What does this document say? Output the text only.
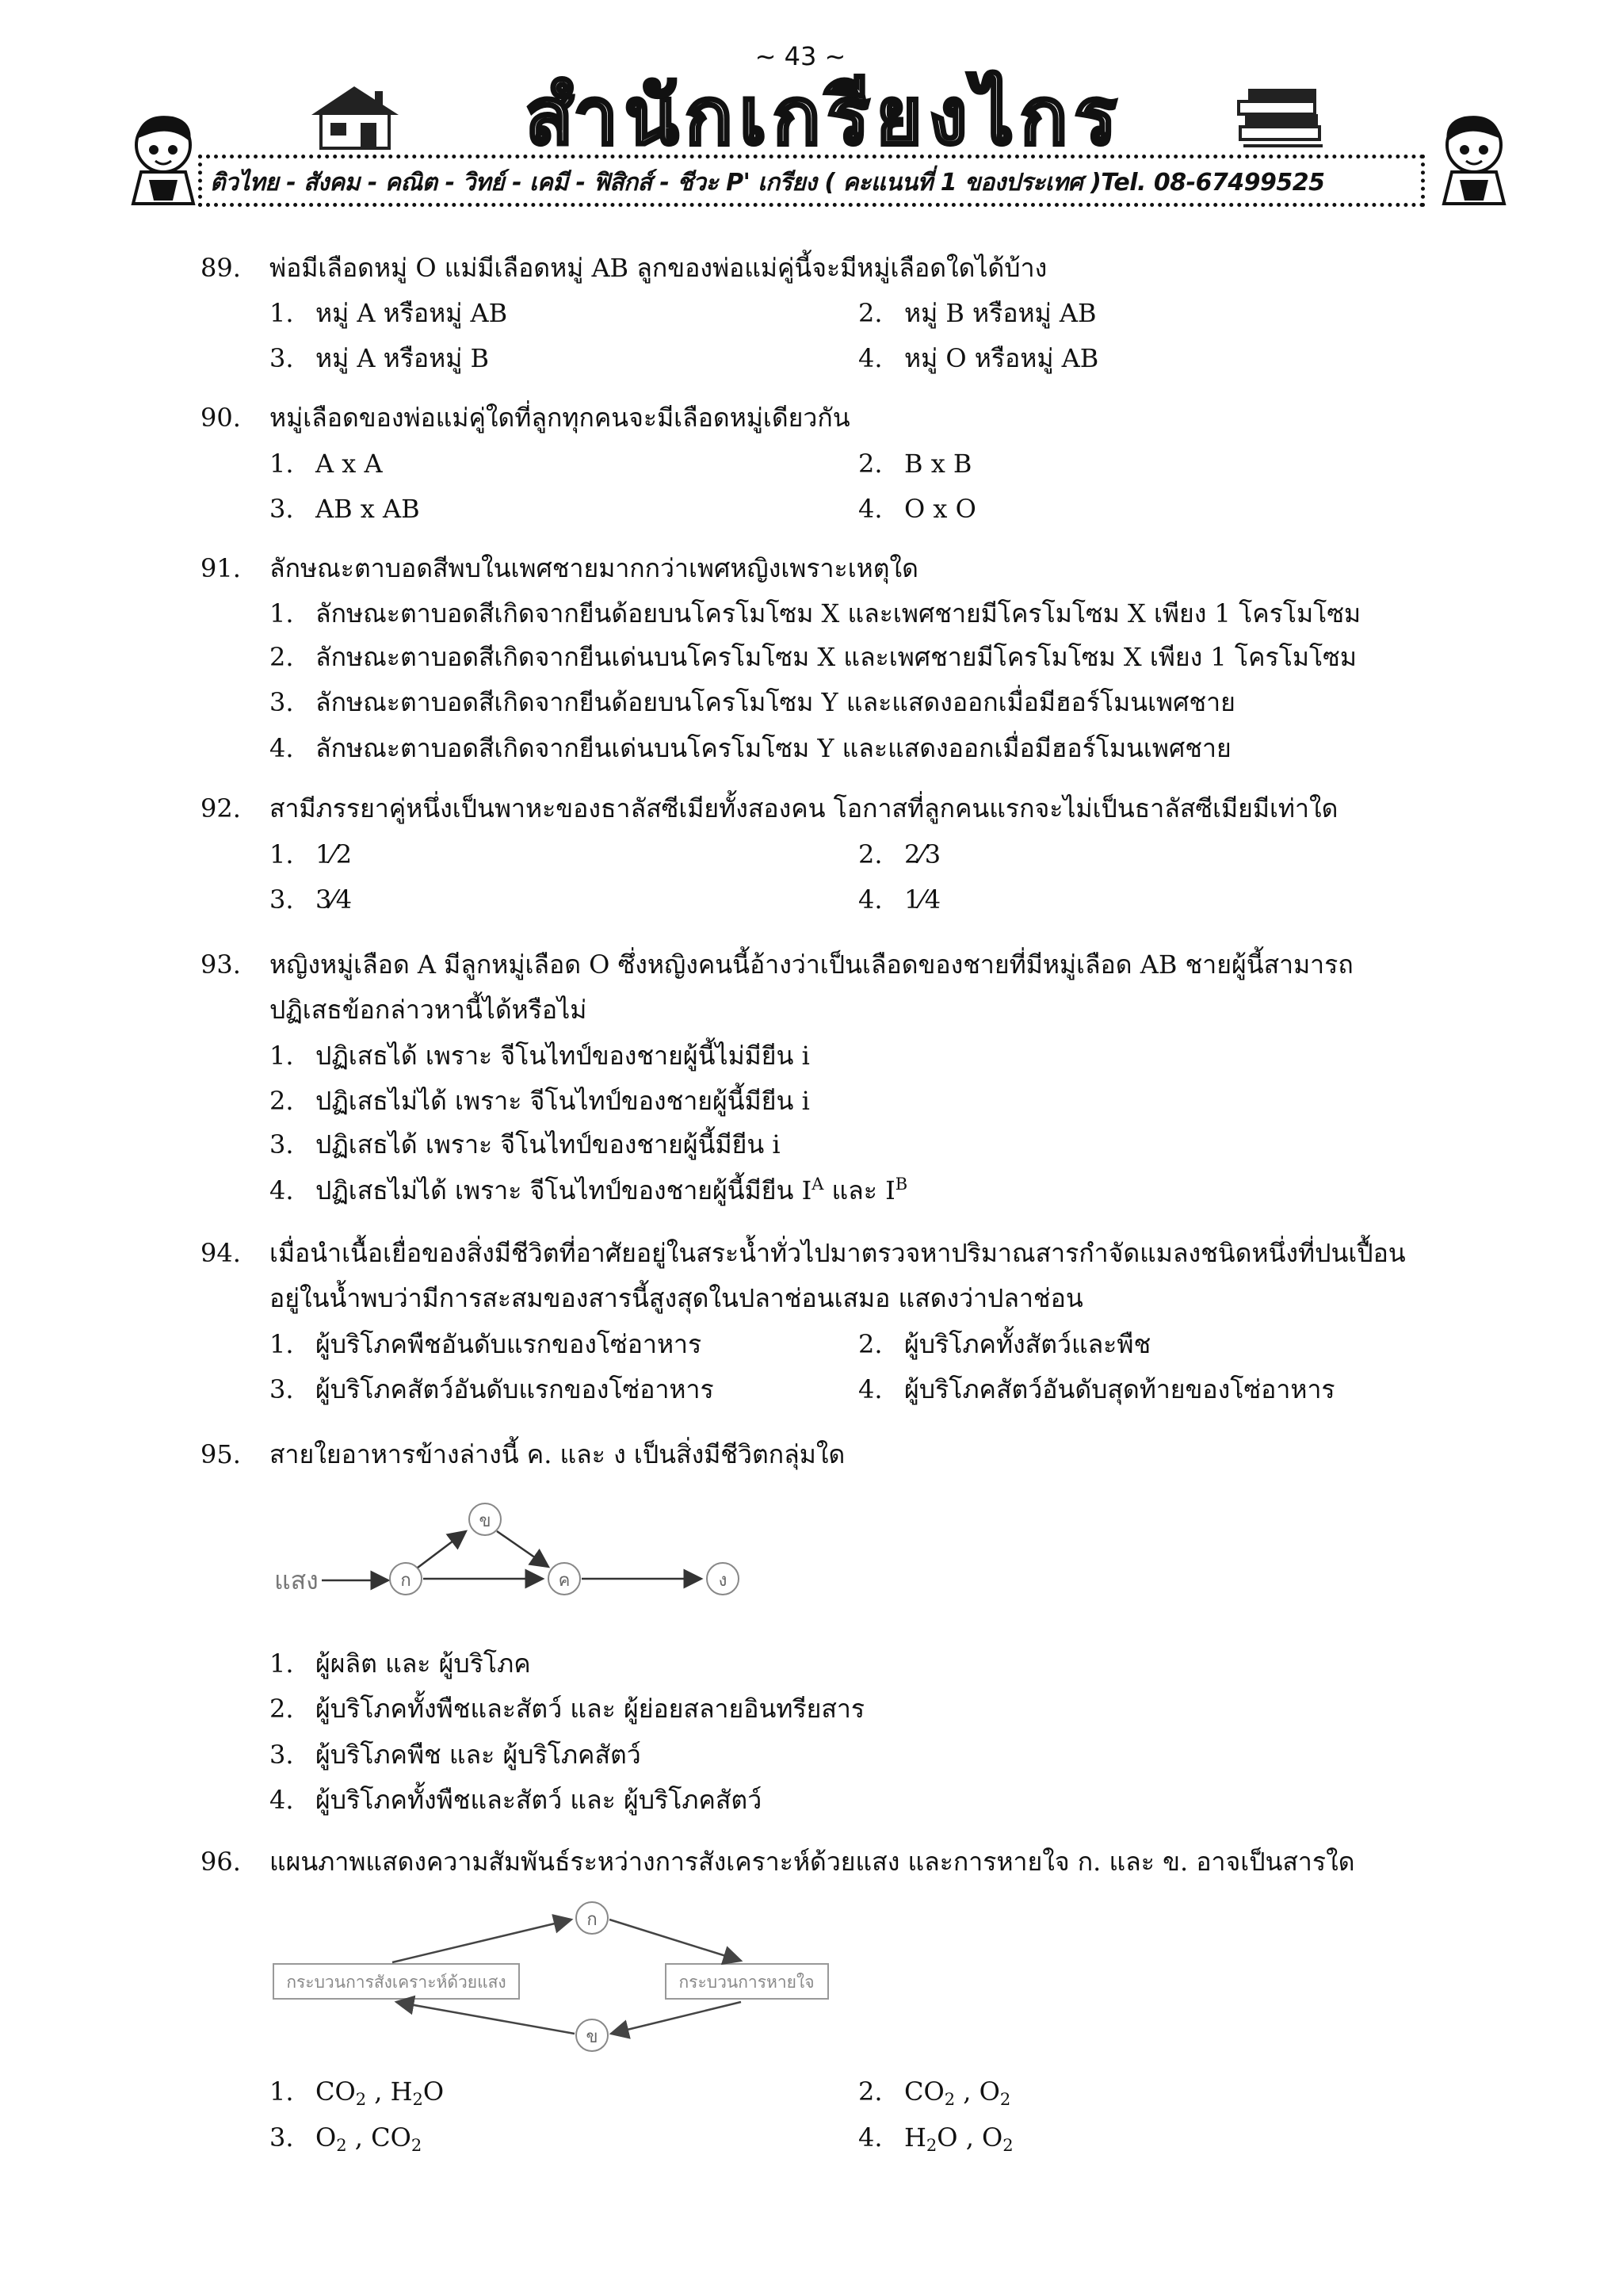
~ 43 ~
สำนักเกรียงไกร
ติวไทย - สังคม - คณิต - วิทย์ - เคมี - ฟิสิกส์ - ชีวะ P' เกรียง ( คะแนนที่ 1 ของประเทศ )Tel. 08-67499525
89. พ่อมีเลือดหมู่ O แม่มีเลือดหมู่ AB ลูกของพ่อแม่คู่นี้จะมีหมู่เลือดใดได้บ้าง
1. หมู่ A หรือหมู่ AB	2. หมู่ B หรือหมู่ AB
3. หมู่ A หรือหมู่ B	4. หมู่ O หรือหมู่ AB
90. หมู่เลือดของพ่อแม่คู่ใดที่ลูกทุกคนจะมีเลือดหมู่เดียวกัน
1. A x A	2. B x B
3. AB x AB	4. O x O
91. ลักษณะตาบอดสีพบในเพศชายมากกว่าเพศหญิงเพราะเหตุใด
1. ลักษณะตาบอดสีเกิดจากยีนด้อยบนโครโมโซม X และเพศชายมีโครโมโซม X เพียง 1 โครโมโซม
2. ลักษณะตาบอดสีเกิดจากยีนเด่นบนโครโมโซม X และเพศชายมีโครโมโซม X เพียง 1 โครโมโซม
3. ลักษณะตาบอดสีเกิดจากยีนด้อยบนโครโมโซม Y และแสดงออกเมื่อมีฮอร์โมนเพศชาย
4. ลักษณะตาบอดสีเกิดจากยีนเด่นบนโครโมโซม Y และแสดงออกเมื่อมีฮอร์โมนเพศชาย
92. สามีภรรยาคู่หนึ่งเป็นพาหะของธาลัสซีเมียทั้งสองคน โอกาสที่ลูกคนแรกจะไม่เป็นธาลัสซีเมียมีเท่าใด
1. 1⁄2	2. 2⁄3
3. 3⁄4	4. 1⁄4
93. หญิงหมู่เลือด A มีลูกหมู่เลือด O ซึ่งหญิงคนนี้อ้างว่าเป็นเลือดของชายที่มีหมู่เลือด AB ชายผู้นี้สามารถ
ปฏิเสธข้อกล่าวหานี้ได้หรือไม่
1. ปฏิเสธได้ เพราะ จีโนไทป์ของชายผู้นี้ไม่มียีน i
2. ปฏิเสธไม่ได้ เพราะ จีโนไทป์ของชายผู้นี้มียีน i
3. ปฏิเสธได้ เพราะ จีโนไทป์ของชายผู้นี้มียีน i
4. ปฏิเสธไม่ได้ เพราะ จีโนไทป์ของชายผู้นี้มียีน $I^A$ และ $I^B$
94. เมื่อนำเนื้อเยื่อของสิ่งมีชีวิตที่อาศัยอยู่ในสระน้ำทั่วไปมาตรวจหาปริมาณสารกำจัดแมลงชนิดหนึ่งที่ปนเปื้อน
อยู่ในน้ำพบว่ามีการสะสมของสารนี้สูงสุดในปลาช่อนเสมอ แสดงว่าปลาช่อน
1. ผู้บริโภคพืชอันดับแรกของโซ่อาหาร	2. ผู้บริโภคทั้งสัตว์และพืช
3. ผู้บริโภคสัตว์อันดับแรกของโซ่อาหาร	4. ผู้บริโภคสัตว์อันดับสุดท้ายของโซ่อาหาร
95. สายใยอาหารข้างล่างนี้ ค. และ ง เป็นสิ่งมีชีวิตกลุ่มใด
แสง	ก
ข
ค	ง
1. ผู้ผลิต และ ผู้บริโภค
2. ผู้บริโภคทั้งพืชและสัตว์ และ ผู้ย่อยสลายอินทรียสาร
3. ผู้บริโภคพืช และ ผู้บริโภคสัตว์
4. ผู้บริโภคทั้งพืชและสัตว์ และ ผู้บริโภคสัตว์
96. แผนภาพแสดงความสัมพันธ์ระหว่างการสังเคราะห์ด้วยแสง และการหายใจ ก. และ ข. อาจเป็นสารใด
กระบวนการสังเคราะห์ด้วยแสง	กระบวนการหายใจ
ก
ข
1. $CO_2$ , $H_2O$	2. $CO_2$ , $O_2$
3. $O_2$ , $CO_2$	4. $H_2O$ , $O_2$
